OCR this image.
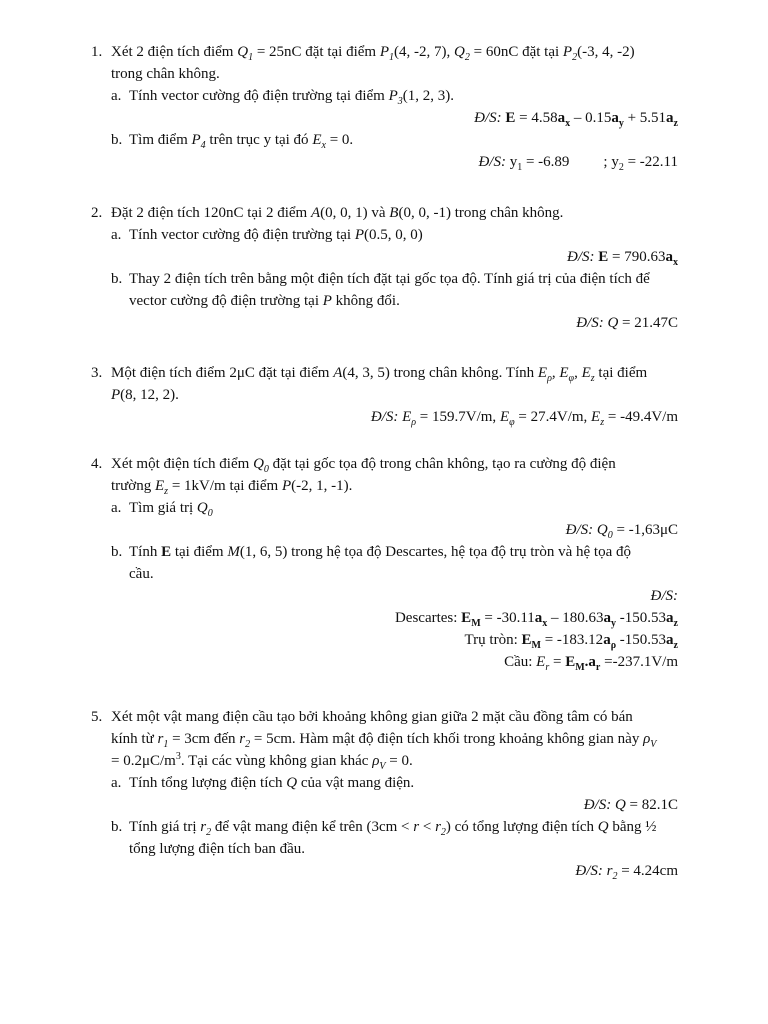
1. Xét 2 điện tích điểm $Q_1 = 25nC$ đặt tại điểm $P_1(4$, -2, 7), $Q_2 = 60nC$ đặt tại $P_2(-3$, 4, -2)
trong chân không.
a. Tính vector cường độ điện trường tại điểm $P_3(1$, 2, 3).
Đ/S: $E = 4.58a_x - 0.15a_y + 5.51a_z$
b. Tìm điểm $P_4$ trên trục y tại đó $E_x = 0$.
Đ/S: $y_1 = -6.89$ ; $y_2 = -22.11$
2. Đặt 2 điện tích 120nC tại 2 điểm A(0, 0, 1) và B(0, 0, -1) trong chân không.
a. Tính vector cường độ điện trường tại P(0.5, 0, 0)
Đ/S: $E = 790.63a_x$
b. Thay 2 điện tích trên bằng một điện tích đặt tại gốc tọa độ. Tính giá trị của điện tích để
vector cường độ điện trường tại P không đổi.
Đ/S: Q = 21.47C
3. Một điện tích điểm 2μC đặt tại điểm A(4, 3, 5) trong chân không. Tính $E_\rho$, $E_\varphi$, $E_z$ tại điểm
P(8, 12, 2).
Đ/S: $E_\rho = 159.7V/m$, $E_\varphi = 27.4V/m$, $E_z = -49.4V/m$
4. Xét một điện tích điểm $Q_0$ đặt tại gốc tọa độ trong chân không, tạo ra cường độ điện
trường $E_z = 1kV/m$ tại điểm P(-2, 1, -1).
a. Tìm giá trị $Q_0$
Đ/S: $Q_0 = -1,63\mu C$
b. Tính E tại điểm M(1, 6, 5) trong hệ tọa độ Descartes, hệ tọa độ trụ tròn và hệ tọa độ
cầu.
Đ/S:
Descartes: $E_M = -30.11a_x - 180.63a_y$ $-150.53a_z$
Trụ tròn: $E_M = -183.12a_\rho$ $-150.53a_z$
Cầu: $E_r = E_M.a_r =-237.1V/m$
5. Xét một vật mang điện cầu tạo bởi khoảng không gian giữa 2 mặt cầu đồng tâm có bán
kính từ $r_1 = 3cm$ đến $r_2 = 5cm$. Hàm mật độ điện tích khối trong khoảng không gian này $\rho_V$
= $0.2\mu C/m^3$. Tại các vùng không gian khác $\rho_V = 0$.
a. Tính tổng lượng điện tích Q của vật mang điện.
Đ/S: Q = 82.1C
b. Tính giá trị $r_2$ để vật mang điện kể trên $(3cm < r < r_2)$ có tổng lượng điện tích Q bằng ½
tổng lượng điện tích ban đầu.
Đ/S: $r_2 = 4.24cm$
